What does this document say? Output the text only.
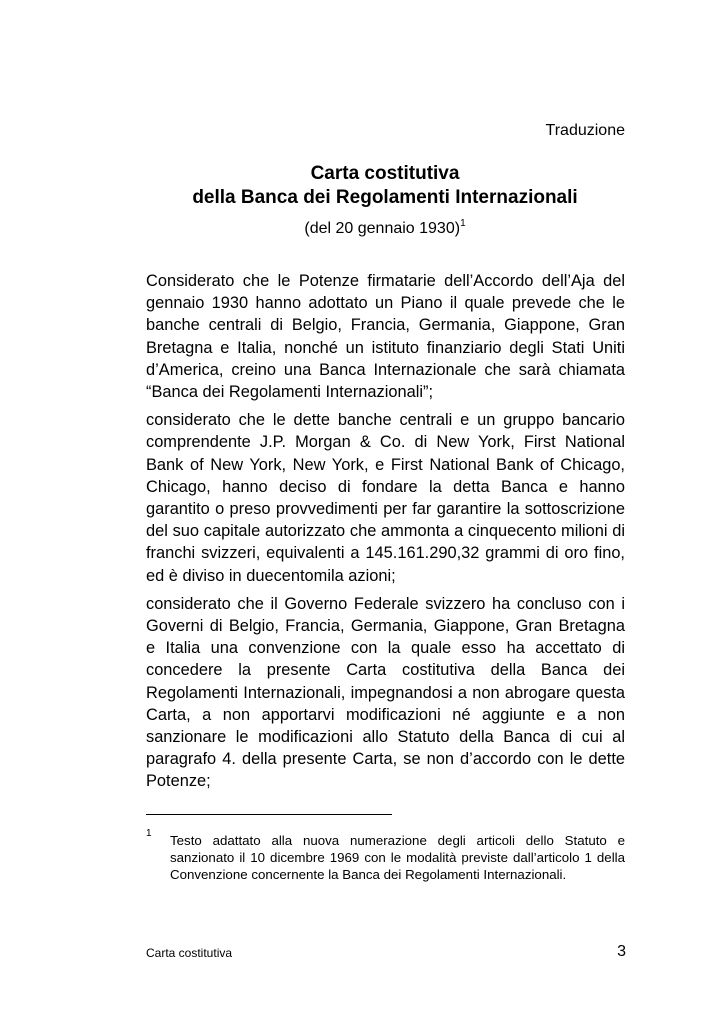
Traduzione
Carta costitutiva
della Banca dei Regolamenti Internazionali
(del 20 gennaio 1930)$^1$

Considerato che le Potenze firmatarie dell’Accordo dell’Aja del gennaio 1930 hanno adottato un Piano il quale prevede che le banche centrali di Belgio, Francia, Germania, Giappone, Gran Bretagna e Italia, nonché un istituto finanziario degli Stati Uniti d’America, creino una Banca Internazionale che sarà chiamata “Banca dei Regolamenti Internazionali”;

considerato che le dette banche centrali e un gruppo bancario comprendente J.P. Morgan & Co. di New York, First National Bank of New York, New York, e First National Bank of Chicago, Chicago, hanno deciso di fondare la detta Banca e hanno garantito o preso provvedimenti per far garantire la sottoscrizione del suo capitale autorizzato che ammonta a cinquecento milioni di franchi svizzeri, equivalenti a 145.161.290,32 grammi di oro fino, ed è diviso in duecentomila azioni;

considerato che il Governo Federale svizzero ha concluso con i Governi di Belgio, Francia, Germania, Giappone, Gran Bretagna e Italia una convenzione con la quale esso ha accettato di concedere la presente Carta costitutiva della Banca dei Regolamenti Internazionali, impegnandosi a non abrogare questa Carta, a non apportarvi modificazioni né aggiunte e a non sanzionare le modificazioni allo Statuto della Banca di cui al paragrafo 4. della presente Carta, se non d’accordo con le dette Potenze;

1 Testo adattato alla nuova numerazione degli articoli dello Statuto e sanzionato il 10 dicembre 1969 con le modalità previste dall’articolo 1 della Convenzione concernente la Banca dei Regolamenti Internazionali.
Carta costitutiva	3
